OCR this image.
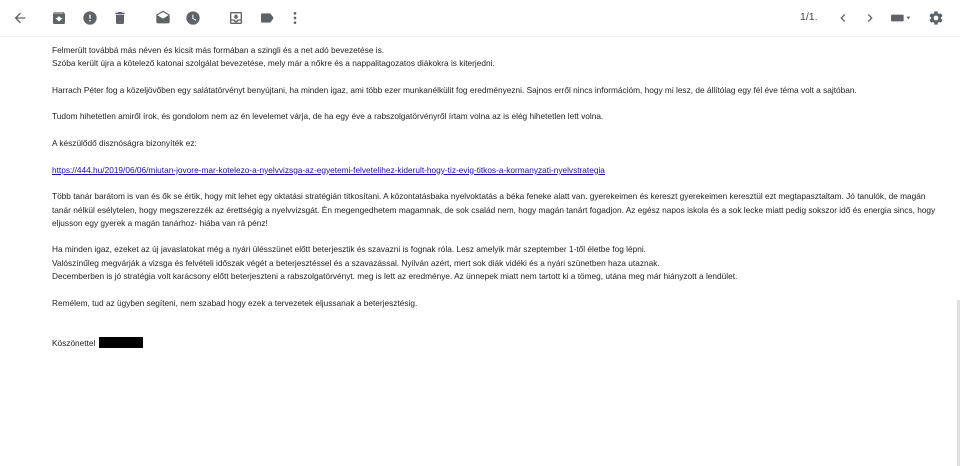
1/1.

Felmerült továbbá más néven és kicsit más formában a szingli és a net adó bevezetése is.
Szóba került újra a kötelező katonai szolgálat bevezetése, mely már a nőkre és a nappalitagozatos diákokra is kiterjedni.

Harrach Péter fog a közeljövőben egy salátatörvényt benyújtani, ha minden igaz, ami több ezer munkanélkülit fog eredményezni. Sajnos erről nincs információm, hogy mi lesz, de állítólag egy fél éve téma volt a sajtóban.

Tudom hihetetlen amiről írok, és gondolom nem az én levelemet várja, de ha egy éve a rabszolgatörvényről írtam volna az is elég hihetetlen lett volna.

A készülődő disznóságra bizonyíték ez:

https://444.hu/2019/06/06/miutan-jovore-mar-kotelezo-a-nyelvvizsga-az-egyetemi-felvetelihez-kiderult-hogy-tiz-evig-titkos-a-kormanyzati-nyelvstrategia

Több tanár barátom is van és ők se értik, hogy mit lehet egy oktatási stratégián titkosítani. A közontatásbaka nyelvoktatás a béka feneke alatt van. gyerekeimen és kereszt gyerekeimen keresztül ezt megtapasztaltam. Jó tanulók, de magán tanár nélkül esélytelen, hogy megszerezzék az érettségig a nyelvvizsgát. Én megengedhetem magamnak, de sok család nem, hogy magán tanárt fogadjon. Az egész napos iskola és a sok lecke miatt pedig sokszor idő és energia sincs, hogy eljusson egy gyerek a magán tanárhoz- hiába van rá pénz!

Ha minden igaz, ezeket az új javaslatokat még a nyári ülésszünet előtt beterjesztik és szavazni is fognak róla. Lesz amelyik már szeptember 1-től életbe fog lépni.
Valószínűleg megvárják a vizsga és felvételi időszak végét a beterjesztéssel és a szavazással. Nyilván azért, mert sok diák vidéki és a nyári szünetben haza utaznak.
Decemberben is jó stratégia volt karácsony előtt beterjeszteni a rabszolgatörvényt. meg is lett az eredménye. Az ünnepek miatt nem tartott ki a tömeg, utána meg már hiányzott a lendület.

Remélem, tud az ügyben segíteni, nem szabad hogy ezek a tervezetek eljussanak a beterjesztésig.

Köszönettel
